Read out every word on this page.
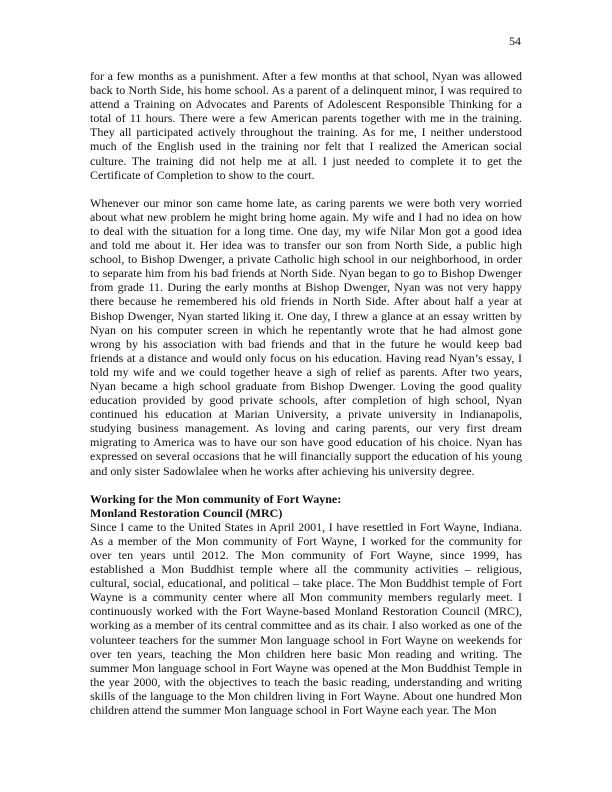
54

for a few months as a punishment. After a few months at that school, Nyan was allowed back to North Side, his home school. As a parent of a delinquent minor, I was required to attend a Training on Advocates and Parents of Adolescent Responsible Thinking for a total of 11 hours. There were a few American parents together with me in the training. They all participated actively throughout the training. As for me, I neither understood much of the English used in the training nor felt that I realized the American social culture. The training did not help me at all. I just needed to complete it to get the Certificate of Completion to show to the court.

Whenever our minor son came home late, as caring parents we were both very worried about what new problem he might bring home again. My wife and I had no idea on how to deal with the situation for a long time. One day, my wife Nilar Mon got a good idea and told me about it. Her idea was to transfer our son from North Side, a public high school, to Bishop Dwenger, a private Catholic high school in our neighborhood, in order to separate him from his bad friends at North Side. Nyan began to go to Bishop Dwenger from grade 11. During the early months at Bishop Dwenger, Nyan was not very happy there because he remembered his old friends in North Side. After about half a year at Bishop Dwenger, Nyan started liking it. One day, I threw a glance at an essay written by Nyan on his computer screen in which he repentantly wrote that he had almost gone wrong by his association with bad friends and that in the future he would keep bad friends at a distance and would only focus on his education. Having read Nyan’s essay, I told my wife and we could together heave a sigh of relief as parents. After two years, Nyan became a high school graduate from Bishop Dwenger. Loving the good quality education provided by good private schools, after completion of high school, Nyan continued his education at Marian University, a private university in Indianapolis, studying business management. As loving and caring parents, our very first dream migrating to America was to have our son have good education of his choice. Nyan has expressed on several occasions that he will financially support the education of his young and only sister Sadowlalee when he works after achieving his university degree.

Working for the Mon community of Fort Wayne:
Monland Restoration Council (MRC)

Since I came to the United States in April 2001, I have resettled in Fort Wayne, Indiana. As a member of the Mon community of Fort Wayne, I worked for the community for over ten years until 2012. The Mon community of Fort Wayne, since 1999, has established a Mon Buddhist temple where all the community activities – religious, cultural, social, educational, and political – take place. The Mon Buddhist temple of Fort Wayne is a community center where all Mon community members regularly meet. I continuously worked with the Fort Wayne-based Monland Restoration Council (MRC), working as a member of its central committee and as its chair. I also worked as one of the volunteer teachers for the summer Mon language school in Fort Wayne on weekends for over ten years, teaching the Mon children here basic Mon reading and writing. The summer Mon language school in Fort Wayne was opened at the Mon Buddhist Temple in the year 2000, with the objectives to teach the basic reading, understanding and writing skills of the language to the Mon children living in Fort Wayne. About one hundred Mon children attend the summer Mon language school in Fort Wayne each year. The Mon
